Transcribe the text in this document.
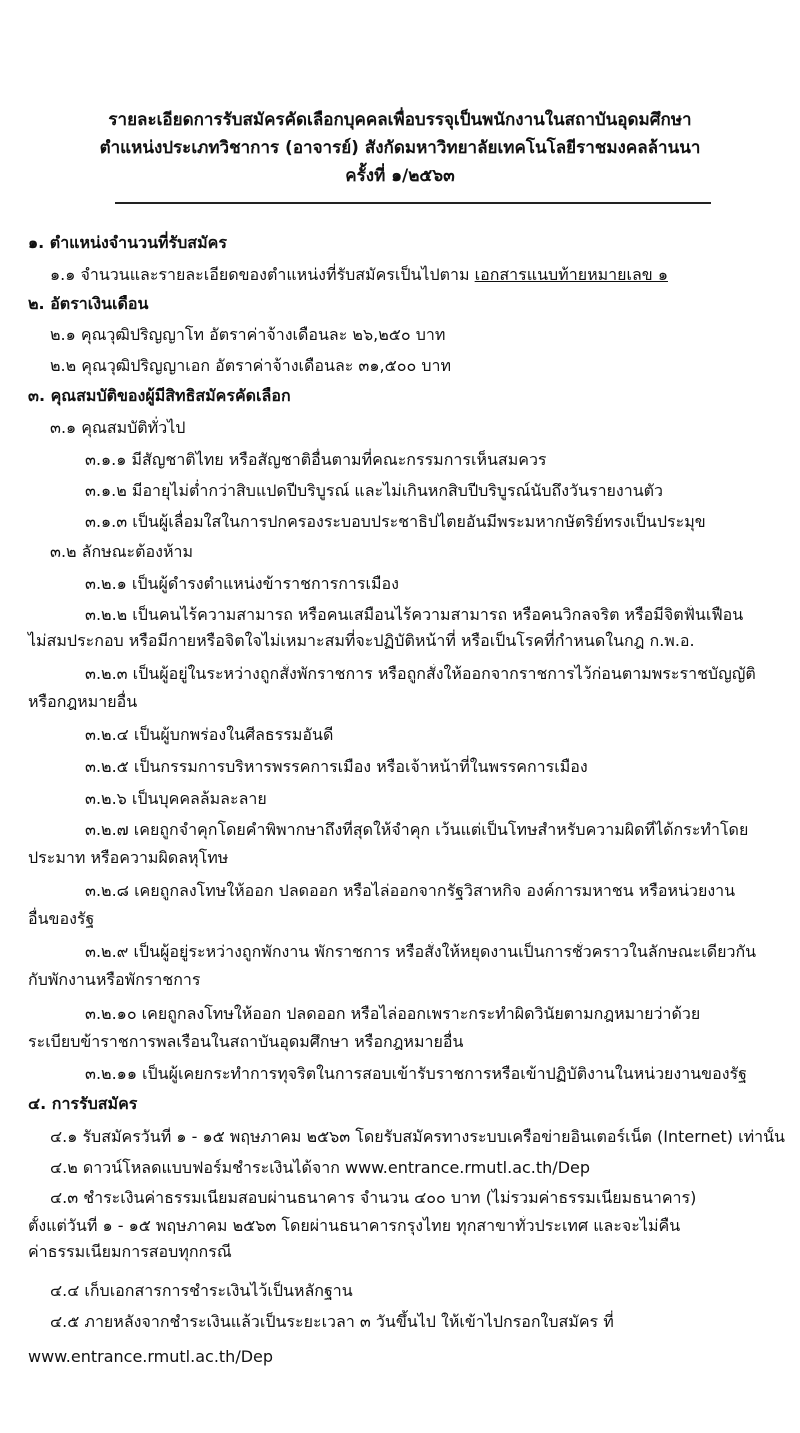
รายละเอียดการรับสมัครคัดเลือกบุคคลเพื่อบรรจุเป็นพนักงานในสถาบันอุดมศึกษา
ตำแหน่งประเภทวิชาการ (อาจารย์) สังกัดมหาวิทยาลัยเทคโนโลยีราชมงคลล้านนา
ครั้งที่ ๑/๒๕๖๓
๑. ตำแหน่งจำนวนที่รับสมัคร
๑.๑ จำนวนและรายละเอียดของตำแหน่งที่รับสมัครเป็นไปตาม เอกสารแนบท้ายหมายเลข ๑
๒. อัตราเงินเดือน
๒.๑ คุณวุฒิปริญญาโท อัตราค่าจ้างเดือนละ ๒๖,๒๕๐ บาท
๒.๒ คุณวุฒิปริญญาเอก อัตราค่าจ้างเดือนละ ๓๑,๕๐๐ บาท
๓. คุณสมบัติของผู้มีสิทธิสมัครคัดเลือก
๓.๑ คุณสมบัติทั่วไป
๓.๑.๑ มีสัญชาติไทย หรือสัญชาติอื่นตามที่คณะกรรมการเห็นสมควร
๓.๑.๒ มีอายุไม่ต่ำกว่าสิบแปดปีบริบูรณ์ และไม่เกินหกสิบปีบริบูรณ์นับถึงวันรายงานตัว
๓.๑.๓ เป็นผู้เลื่อมใสในการปกครองระบอบประชาธิปไตยอันมีพระมหากษัตริย์ทรงเป็นประมุข
๓.๒ ลักษณะต้องห้าม
๓.๒.๑ เป็นผู้ดำรงตำแหน่งข้าราชการการเมือง
๓.๒.๒ เป็นคนไร้ความสามารถ หรือคนเสมือนไร้ความสามารถ หรือคนวิกลจริต หรือมีจิตฟั่นเฟือน
ไม่สมประกอบ หรือมีกายหรือจิตใจไม่เหมาะสมที่จะปฏิบัติหน้าที่ หรือเป็นโรคที่กำหนดในกฎ ก.พ.อ.
๓.๒.๓ เป็นผู้อยู่ในระหว่างถูกสั่งพักราชการ หรือถูกสั่งให้ออกจากราชการไว้ก่อนตามพระราชบัญญัติ
หรือกฎหมายอื่น
๓.๒.๔ เป็นผู้บกพร่องในศีลธรรมอันดี
๓.๒.๕ เป็นกรรมการบริหารพรรคการเมือง หรือเจ้าหน้าที่ในพรรคการเมือง
๓.๒.๖ เป็นบุคคลล้มละลาย
๓.๒.๗ เคยถูกจำคุกโดยคำพิพากษาถึงที่สุดให้จำคุก เว้นแต่เป็นโทษสำหรับความผิดที่ได้กระทำโดย
ประมาท หรือความผิดลหุโทษ
๓.๒.๘ เคยถูกลงโทษให้ออก ปลดออก หรือไล่ออกจากรัฐวิสาหกิจ องค์การมหาชน หรือหน่วยงาน
อื่นของรัฐ
๓.๒.๙ เป็นผู้อยู่ระหว่างถูกพักงาน พักราชการ หรือสั่งให้หยุดงานเป็นการชั่วคราวในลักษณะเดียวกัน
กับพักงานหรือพักราชการ
๓.๒.๑๐ เคยถูกลงโทษให้ออก ปลดออก หรือไล่ออกเพราะกระทำผิดวินัยตามกฎหมายว่าด้วย
ระเบียบข้าราชการพลเรือนในสถาบันอุดมศึกษา หรือกฎหมายอื่น
๓.๒.๑๑ เป็นผู้เคยกระทำการทุจริตในการสอบเข้ารับราชการหรือเข้าปฏิบัติงานในหน่วยงานของรัฐ
๔. การรับสมัคร
๔.๑ รับสมัครวันที่ ๑ - ๑๕ พฤษภาคม ๒๕๖๓ โดยรับสมัครทางระบบเครือข่ายอินเตอร์เน็ต (Internet) เท่านั้น
๔.๒ ดาวน์โหลดแบบฟอร์มชำระเงินได้จาก www.entrance.rmutl.ac.th/Dep
๔.๓ ชำระเงินค่าธรรมเนียมสอบผ่านธนาคาร จำนวน ๔๐๐ บาท (ไม่รวมค่าธรรมเนียมธนาคาร)
ตั้งแต่วันที่ ๑ - ๑๕ พฤษภาคม ๒๕๖๓ โดยผ่านธนาคารกรุงไทย ทุกสาขาทั่วประเทศ และจะไม่คืน
ค่าธรรมเนียมการสอบทุกกรณี
๔.๔ เก็บเอกสารการชำระเงินไว้เป็นหลักฐาน
๔.๕ ภายหลังจากชำระเงินแล้วเป็นระยะเวลา ๓ วันขึ้นไป ให้เข้าไปกรอกใบสมัคร ที่
www.entrance.rmutl.ac.th/Dep
